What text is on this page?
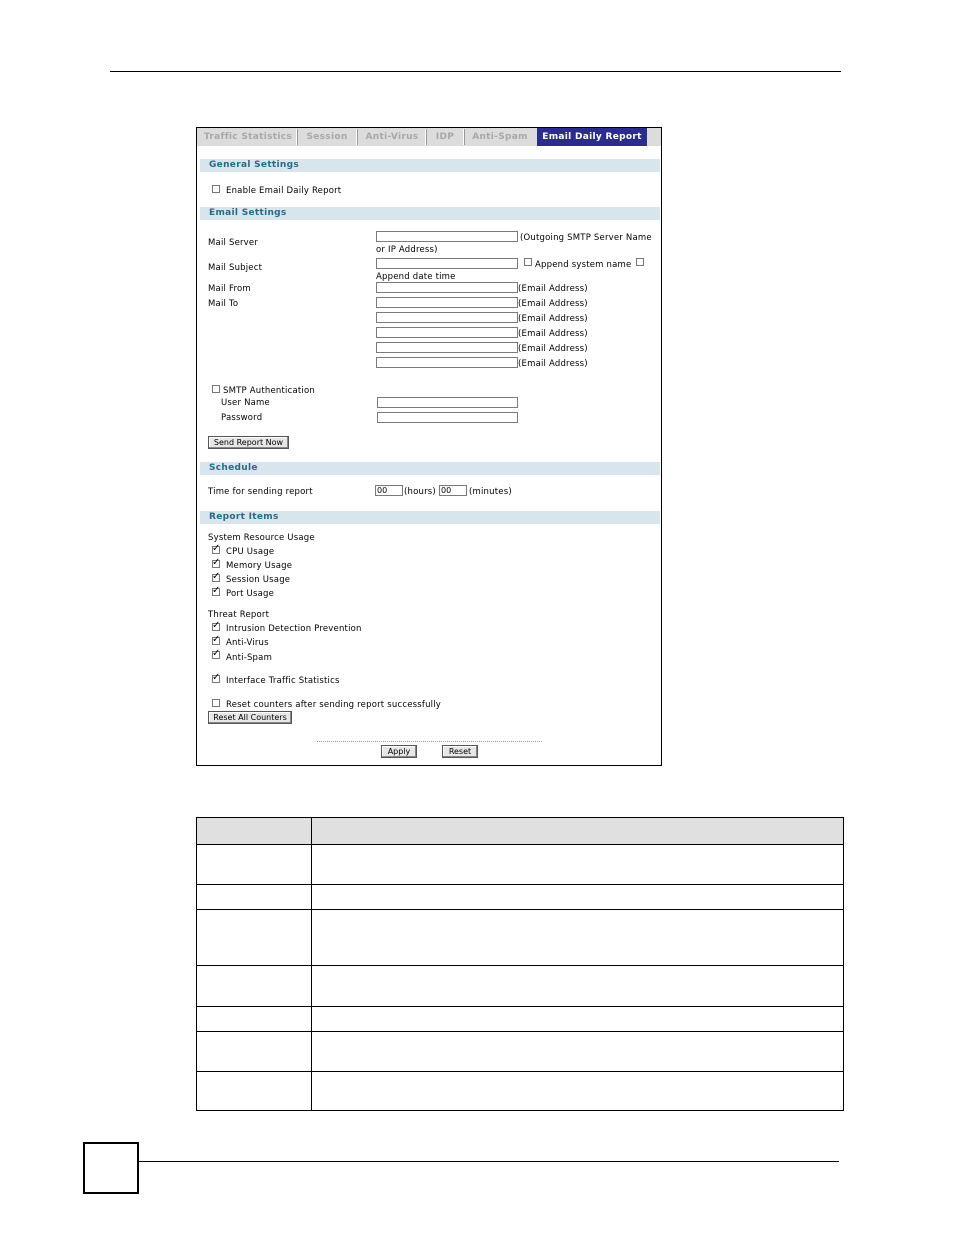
Traffic Statistics	Session	Anti-Virus	IDP	Anti-Spam	Email Daily Report
General Settings
Enable Email Daily Report
Email Settings
Mail Server	(Outgoing SMTP Server Name
or IP Address)
Mail Subject	Append system name
Append date time
Mail From	(Email Address)
Mail To	(Email Address)
(Email Address)
(Email Address)
(Email Address)
(Email Address)
SMTP Authentication
User Name
Password
Send Report Now
Schedule
Time for sending report	00	(hours) 00	(minutes)
Report Items
System Resource Usage
✓
CPU Usage
✓
Memory Usage
✓
Session Usage
✓
Port Usage
Threat Report
✓
Intrusion Detection Prevention
✓
Anti-Virus
✓
Anti-Spam
✓
Interface Traffic Statistics
Reset counters after sending report successfully
Reset All Counters
Apply	Reset
